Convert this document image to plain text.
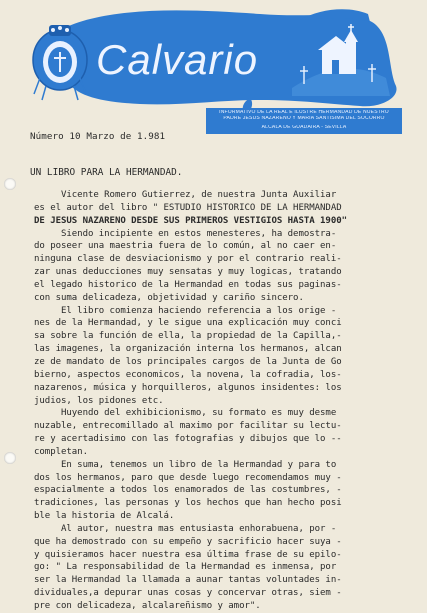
Calvario
INFORMATIVO DE LA REAL E ILUSTRE HERMANDAD DE NUESTRO
PADRE JESUS NAZARENO Y MARIA SANTISIMA DEL SOCORRO
ALCALA DE GUADAIRA - SEVILLA
Número 10 Marzo de 1.981
UN LIBRO PARA LA HERMANDAD.
Vicente Romero Gutierrez, de nuestra Junta Auxiliar
es el autor del libro " ESTUDIO HISTORICO DE LA HERMANDAD
DE JESUS NAZARENO DESDE SUS PRIMEROS VESTIGIOS HASTA 1900"
Siendo incipiente en estos menesteres, ha demostra-
do poseer una maestria fuera de lo común, al no caer en-
ninguna clase de desviacionismo y por el contrario reali-
zar unas deducciones muy sensatas y muy logicas, tratando
el legado historico de la Hermandad en todas sus paginas-
con suma delicadeza, objetividad y cariño sincero.
El libro comienza haciendo referencia a los orige -
nes de la Hermandad, y le sigue una explicación muy conci
sa sobre la función de ella, la propiedad de la Capilla,-
las imagenes, la organización interna los hermanos, alcan
ze de mandato de los principales cargos de la Junta de Go
bierno, aspectos economicos, la novena, la cofradia, los-
nazarenos, música y horquilleros, algunos insidentes: los
judios, los pidones etc.
Huyendo del exhibicionismo, su formato es muy desme
nuzable, entrecomillado al maximo por facilitar su lectu-
re y acertadisimo con las fotografias y dibujos que lo --
completan.
En suma, tenemos un libro de la Hermandad y para to
dos los hermanos, paro que desde luego recomendamos muy -
espacialmente a todos los enamorados de las costumbres, -
tradiciones, las personas y los hechos que han hecho posi
ble la historia de Alcalá.
Al autor, nuestra mas entusiasta enhorabuena, por -
que ha demostrado con su empeño y sacrificio hacer suya -
y quisieramos hacer nuestra esa última frase de su epilo-
go: " La responsabilidad de la Hermandad es inmensa, por
ser la Hermandad la llamada a aunar tantas voluntades in-
dividuales,a depurar unas cosas y concervar otras, siem -
pre con delicadeza, alcalareñismo y amor".
